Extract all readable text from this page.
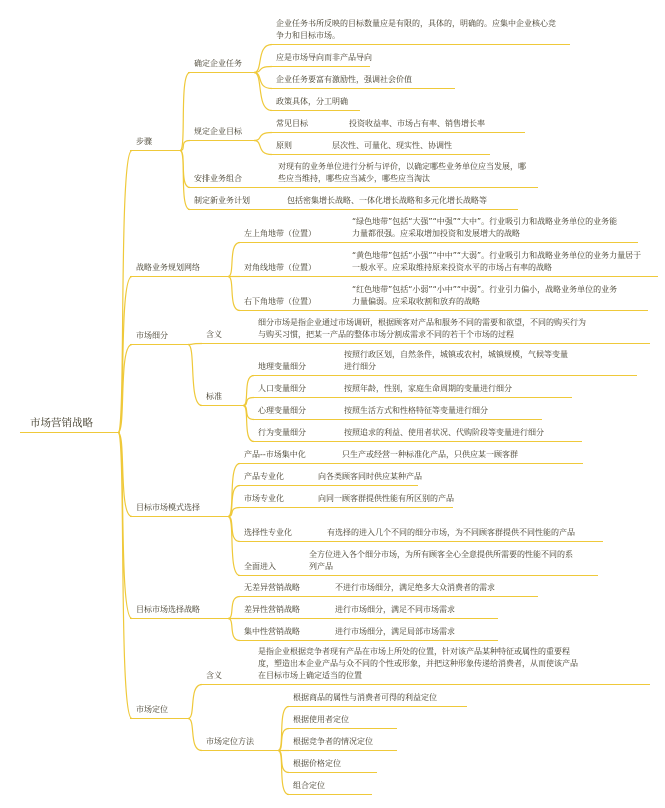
市场营销战略
步骤
确定企业任务
企业任务书所反映的目标数量应是有限的，具体的，明确的。应集中企业核心竞争力和目标市场。
应是市场导向而非产品导向
企业任务要富有激励性，强调社会价值
政策具体，分工明确
规定企业目标
常见目标	投资收益率、市场占有率、销售增长率
原则	层次性、可量化、现实性、协调性
安排业务组合
对现有的业务单位进行分析与评价，以确定哪些业务单位应当发展，哪些应当维持，哪些应当减少，哪些应当淘汰
制定新业务计划	包括密集增长战略、一体化增长战略和多元化增长战略等
战略业务规划网络
左上角地带（位置）
“绿色地带”包括“大强”“中强”“大中”。行业吸引力和战略业务单位的业务能力量都很强。应采取增加投资和发展增大的战略
对角线地带（位置）
“黄色地带”包括“小强”“中中”“大弱”。行业吸引力和战略业务单位的业务力量居于一般水平。应采取维持原来投资水平的市场占有率的战略
右下角地带（位置）
“红色地带”包括“小弱”“小中”“中弱”。行业引力偏小，战略业务单位的业务力量偏弱。应采取收割和放弃的战略
市场细分	含义
细分市场是指企业通过市场调研，根据顾客对产品和服务不同的需要和欲望，不同的购买行为与购买习惯，把某一产品的整体市场分割成需求不同的若干个市场的过程
标准
地理变量细分
按照行政区划，自然条件，城镇或农村，城镇规模，气候等变量进行细分
人口变量细分	按照年龄，性别，家庭生命周期的变量进行细分
心理变量细分	按照生活方式和性格特征等变量进行细分
行为变量细分	按照追求的利益、使用者状况、代购阶段等变量进行细分
目标市场模式选择
产品--市场集中化	只生产或经营一种标准化产品，只供应某一顾客群
产品专业化	向各类顾客同时供应某种产品
市场专业化	向同一顾客群提供性能有所区别的产品
选择性专业化	有选择的进入几个不同的细分市场，为不同顾客群提供不同性能的产品
全面进入
全方位进入各个细分市场，为所有顾客全心全意提供所需要的性能不同的系列产品
目标市场选择战略
无差异营销战略	不进行市场细分，满足绝多大众消费者的需求
差异性营销战略	进行市场细分，满足不同市场需求
集中性营销战略	进行市场细分，满足局部市场需求
市场定位
含义
是指企业根据竞争者现有产品在市场上所处的位置，针对该产品某种特征或属性的重要程度，塑造出本企业产品与众不同的个性或形象，并把这种形象传递给消费者，从而使该产品在目标市场上确定适当的位置
市场定位方法
根据商品的属性与消费者可得的利益定位
根据使用者定位
根据竞争者的情况定位
根据价格定位
组合定位
